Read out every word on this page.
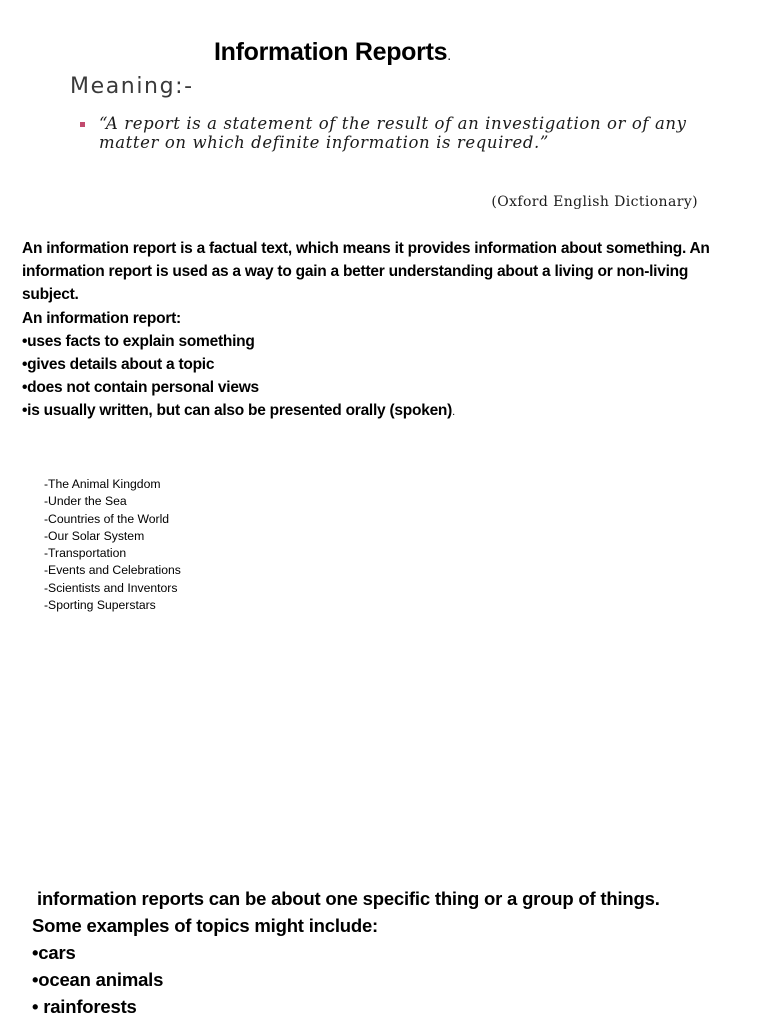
Information Reports.
Meaning:-
“A report is a statement of the result of an investigation or of any matter on which definite information is required.”
(Oxford English Dictionary)

An information report is a factual text, which means it provides information about something. An information report is used as a way to gain a better understanding about a living or non-living subject.

An information report:

•uses facts to explain something
•gives details about a topic
•does not contain personal views
•is usually written, but can also be presented orally (spoken).
-The Animal Kingdom
-Under the Sea
-Countries of the World
-Our Solar System
-Transportation
-Events and Celebrations
-Scientists and Inventors
-Sporting Superstars

information reports can be about one specific thing or a group of things.

Some examples of topics might include:

•cars
•ocean animals
• rainforests
